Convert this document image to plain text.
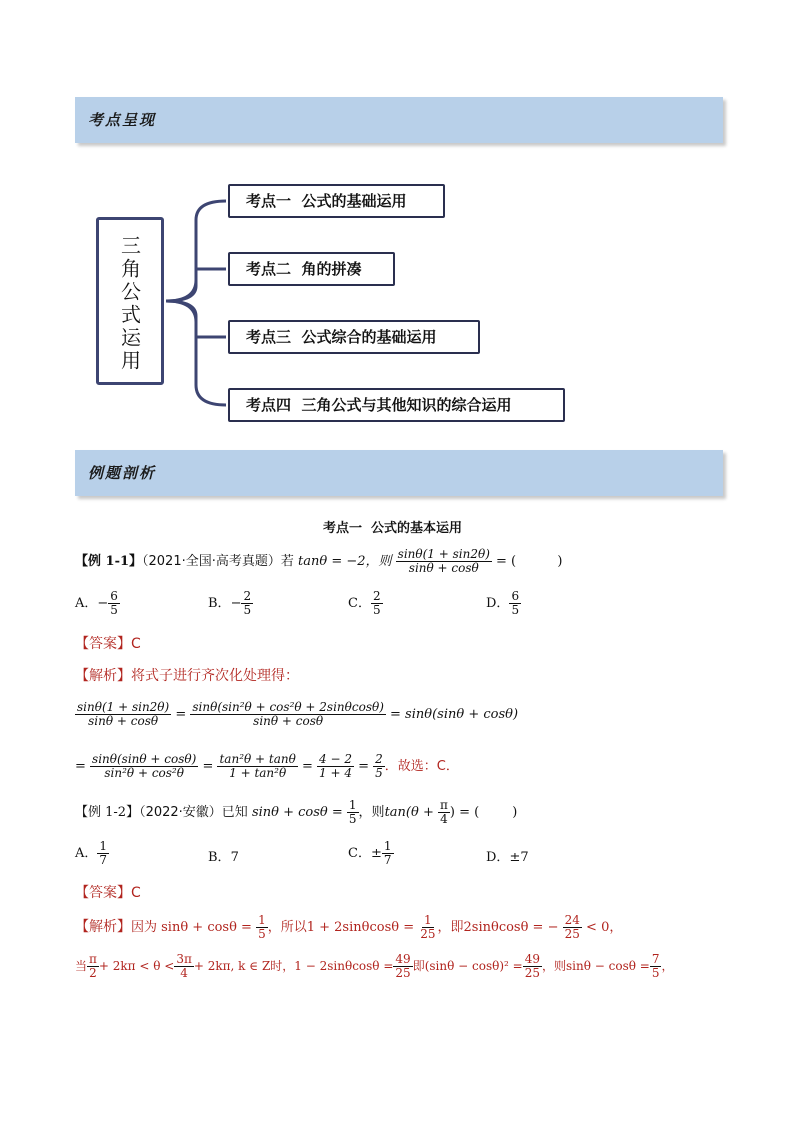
考点呈现
三角公式运用
考点一  公式的基础运用
考点二  角的拼凑
考点三  公式综合的基础运用
考点四  三角公式与其他知识的综合运用
例题剖析
考点一  公式的基本运用
【例 1-1】（2021·全国·高考真题）若 tanθ = −2，则 $\frac{\sin\theta(1 + \sin 2\theta)}{\sin\theta + \cos\theta}$ = (          )
A．− $\frac{6}{5}$	B．− $\frac{2}{5}$	C． $\frac{2}{5}$	D． $\frac{6}{5}$
【答案】C
【解析】将式子进行齐次化处理得：
$\frac{\sin\theta(1 + \sin 2\theta)}{\sin\theta + \cos\theta} = \frac{\text{sinθ(sin²θ + cos²θ + 2sinθcosθ)}}{\sin\theta + \cos\theta} = \sin\theta(\sin\theta + \cos\theta)$
= $\frac{\sin\theta(\sin\theta + \cos\theta)}{\text{sin²θ + cos²θ}} = \frac{\text{tan²θ + tanθ}}{\text{1 + tan²θ}} = \frac{4 - 2}{1 + 4} = \frac{2}{5}$ ．故选：C．
【例 1-2】（2022·安徽）已知 $\sin\theta + \cos\theta = \frac{1}{5}$ ，则$\tan(\theta + \frac{\pi}{4}$ ) = (        )
A． $\frac{1}{7}$	B．7	C．± $\frac{1}{7}$	D．±7
【答案】C
【解析】因为 $\sin\theta + \cos\theta = \frac{1}{5}$ ，所以$1 + 2\sin\theta\cos\theta = \frac{1}{25}$ ，即2sinθcosθ = − $\frac{24}{25} < 0$，
当 $\frac{\pi}{2} + 2k\pi < \theta < \frac{3\pi}{4} + 2k\pi$, k ∈ Z时，$1 - 2\sin\theta\cos\theta = \frac{49}{25}$ 即$(\sin\theta - \cos\theta)^2 = \frac{49}{25}$ ，则$\sin\theta - \cos\theta = \frac{7}{5}$ ，
